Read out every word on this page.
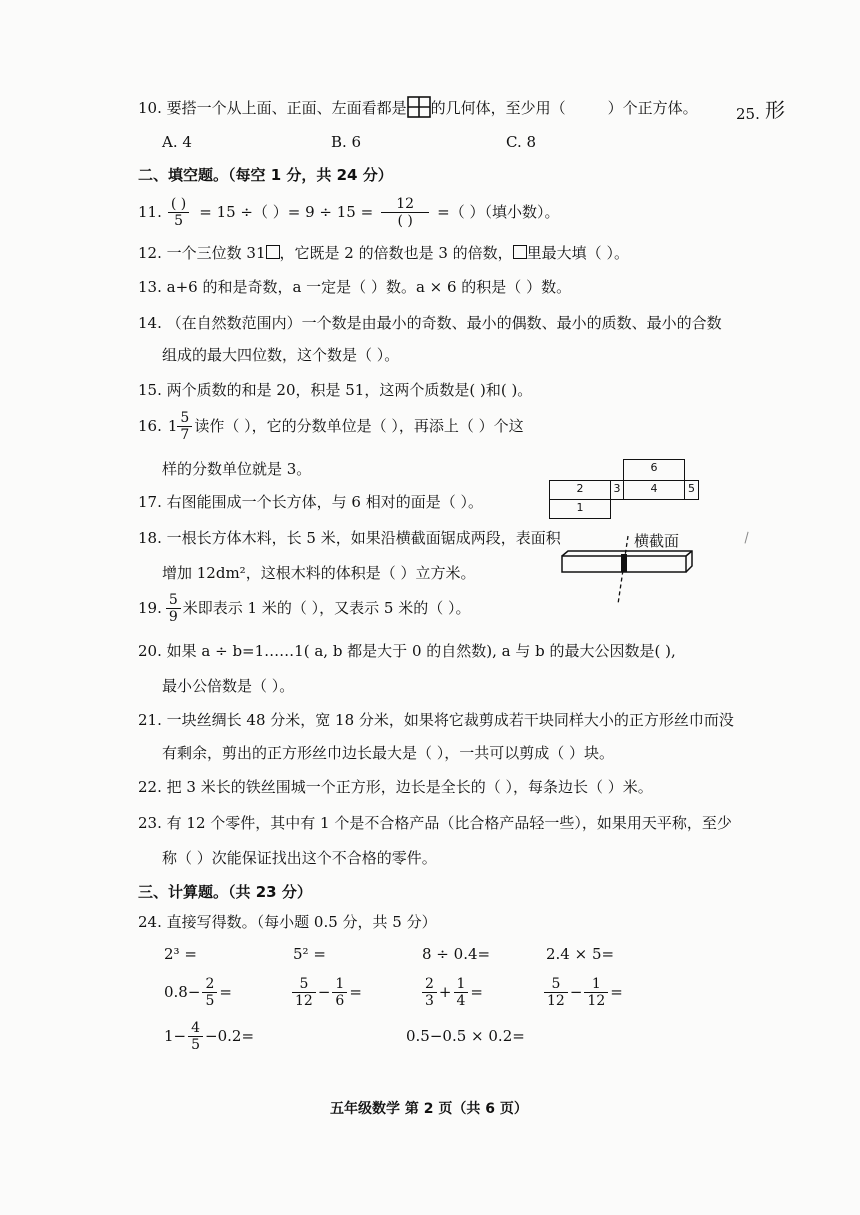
10. 要搭一个从上面、正面、左面看都是 的几何体，至少用（	）个正方体。
A. 4	B. 6	C. 8
25. 形
二、填空题。（每空 1 分，共 24 分）
11. $\frac{( )}{5} = 15$ ÷（ ）= $9 \div 15 = \frac{12}{( )}$ =（ ）（填小数）。
12. 一个三位数 31 ，它既是 2 的倍数也是 3 的倍数， 里最大填（ ）。
13. a+6 的和是奇数，a 一定是（ ）数。a × 6 的积是（ ）数。
14. （在自然数范围内）一个数是由最小的奇数、最小的偶数、最小的质数、最小的合数
组成的最大四位数，这个数是（ ）。
15. 两个质数的和是 20，积是 51，这两个质数是( )和( )。
16. $1 \frac{5}{7}$ 读作（ ），它的分数单位是（ ），再添上（ ）个这
样的分数单位就是 3。
17. 右图能围成一个长方体，与 6 相对的面是（ ）。
6
2	3	4	5
1
18. 一根长方体木料，长 5 米，如果沿横截面锯成两段，表面积
增加 12dm²，这根木料的体积是（ ）立方米。
横截面
19. $\frac{5}{9}$ 米即表示 1 米的（ ），又表示 5 米的（ ）。
20. 如果 a ÷ b=1……1( a, b 都是大于 0 的自然数), a 与 b 的最大公因数是( ),
最小公倍数是（ ）。
21. 一块丝绸长 48 分米，宽 18 分米，如果将它裁剪成若干块同样大小的正方形丝巾而没
有剩余，剪出的正方形丝巾边长最大是（ ），一共可以剪成（ ）块。
22. 把 3 米长的铁丝围城一个正方形，边长是全长的（ ），每条边长（ ）米。
23. 有 12 个零件，其中有 1 个是不合格产品（比合格产品轻一些），如果用天平称，至少
称（ ）次能保证找出这个不合格的零件。
三、计算题。（共 23 分）
24. 直接写得数。（每小题 0.5 分，共 5 分）
2³ =	5² =	8 ÷ 0.4=	2.4 × 5=
$0.8- \frac{2}{5}$ =	$\frac{5}{12} - \frac{1}{6}$ =	$\frac{2}{3} + \frac{1}{4}$ =	$\frac{5}{12} - \frac{1}{12}$ =
$1- \frac{4}{5} -0.2=$	0.5−0.5 × 0.2=
五年级数学 第 2 页（共 6 页）
